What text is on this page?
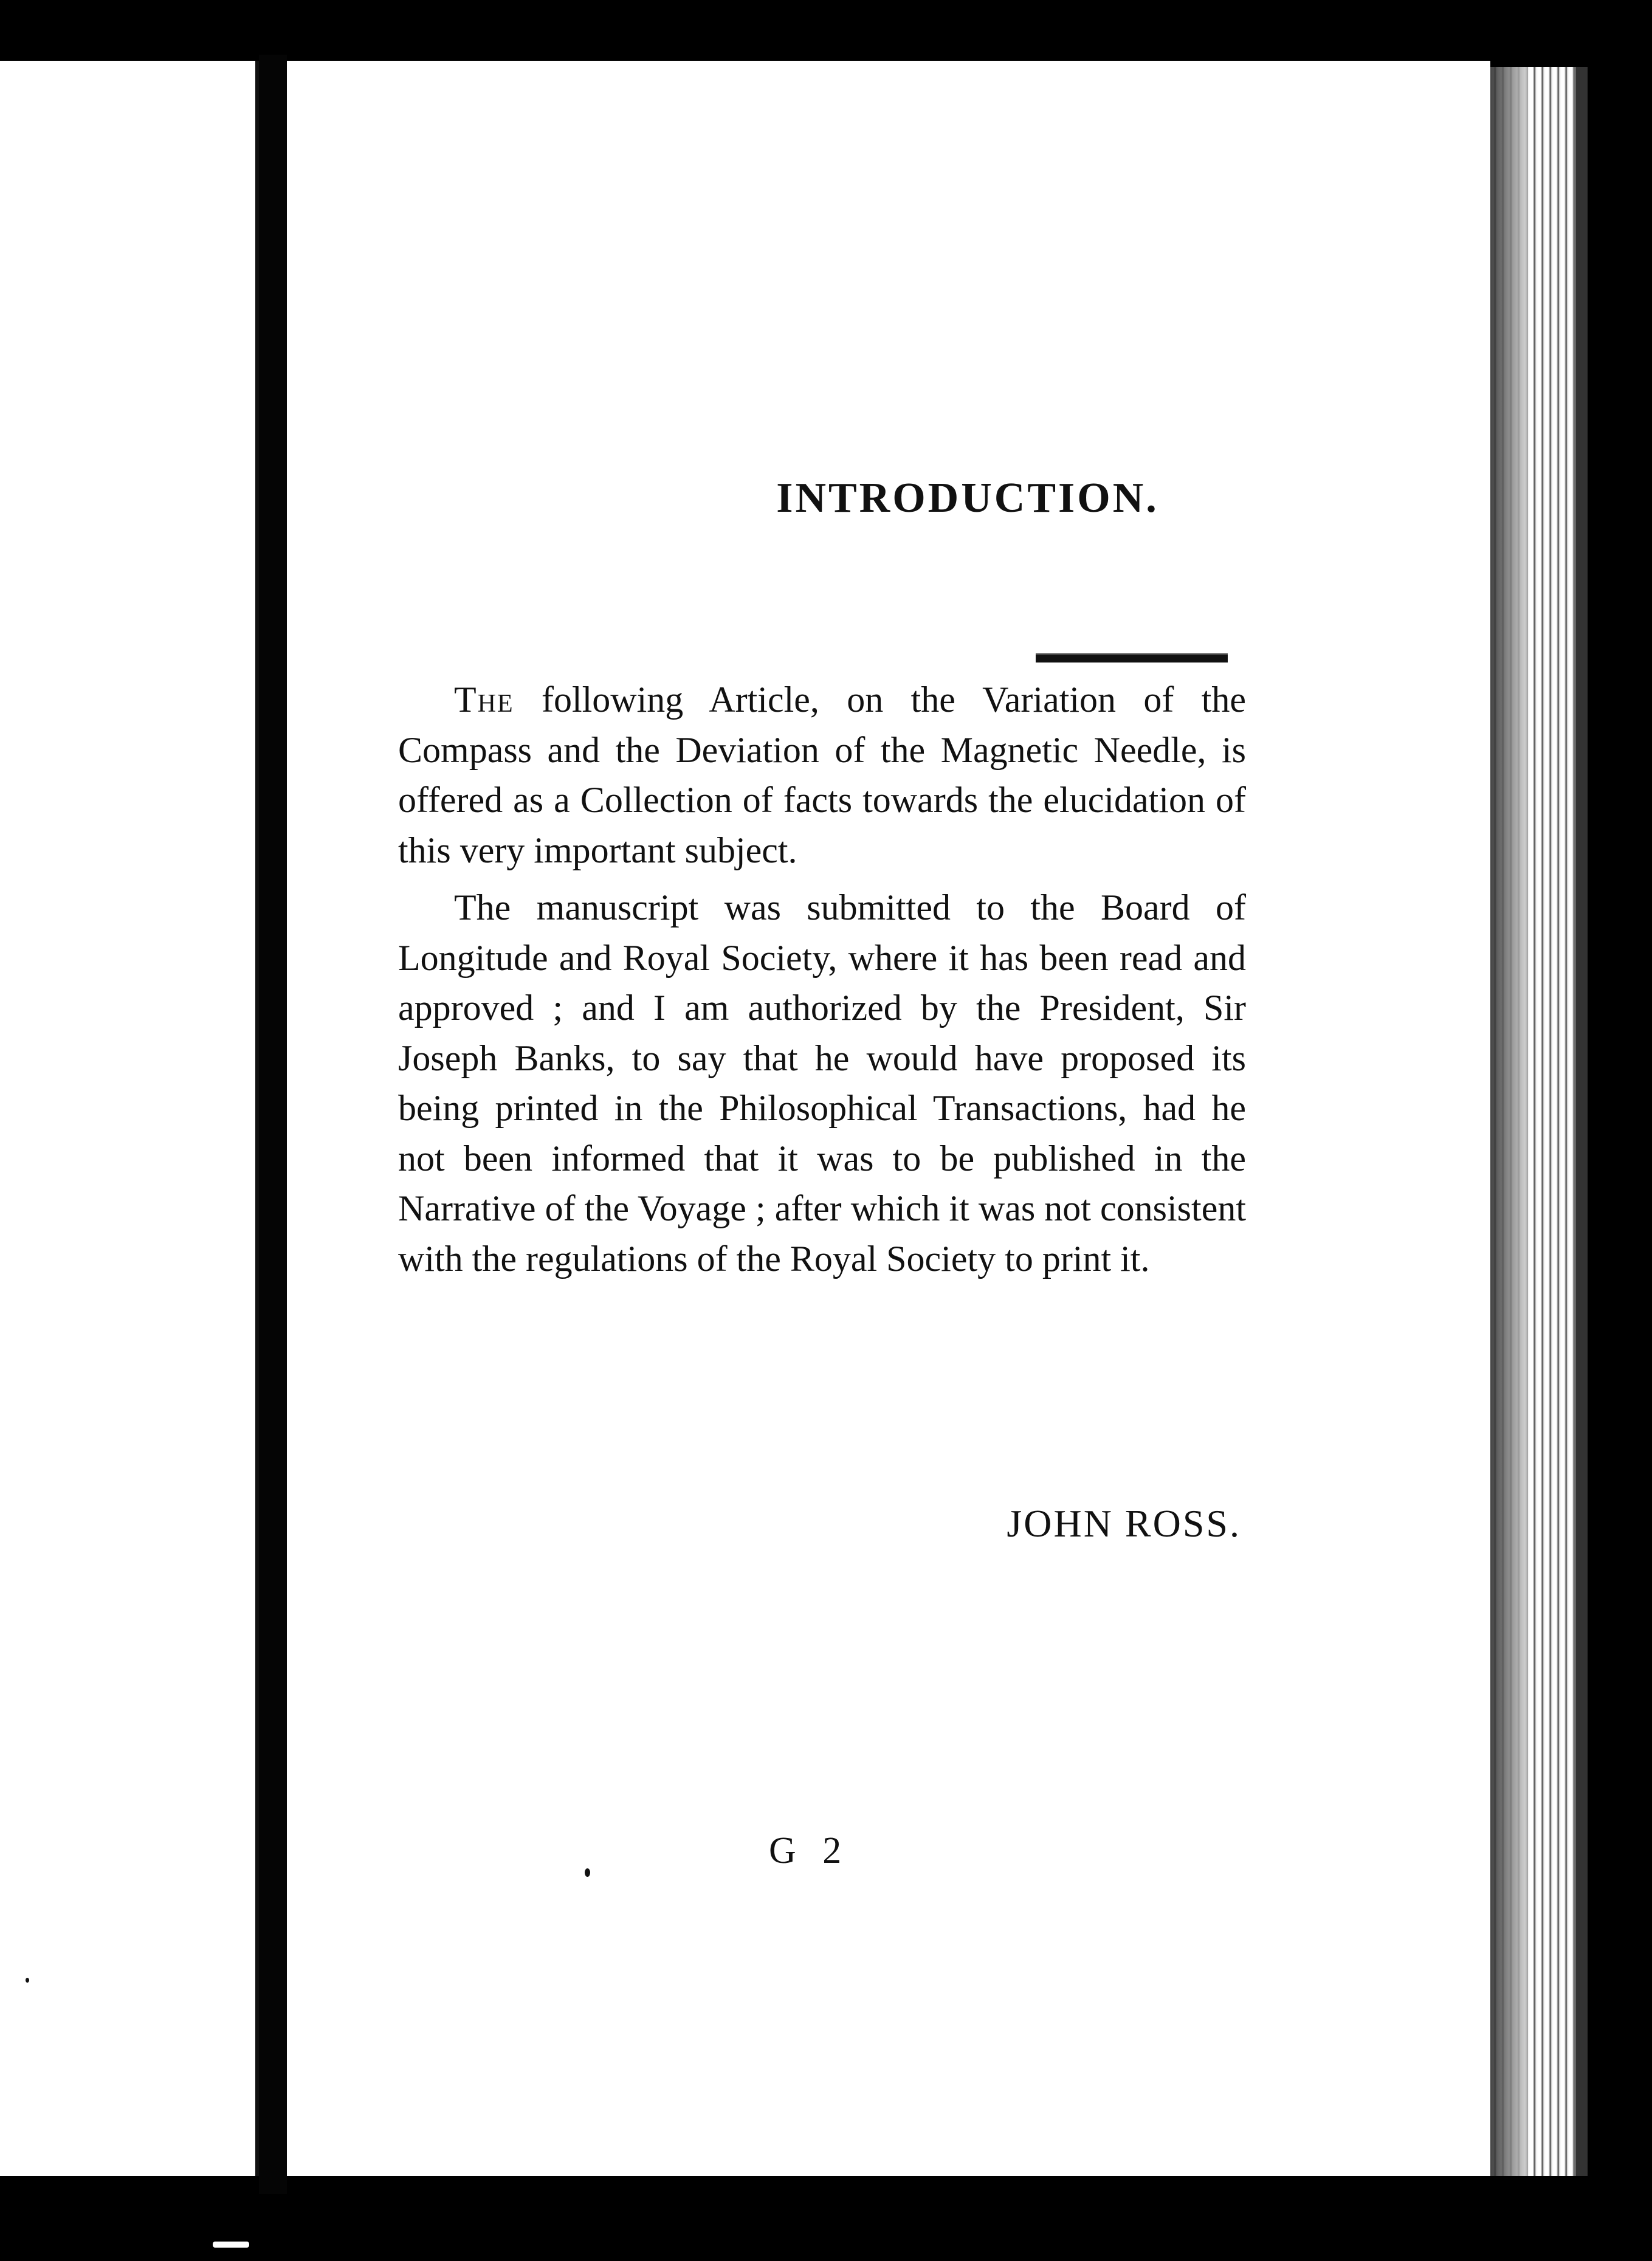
INTRODUCTION.

The following Article, on the Variation of the Compass and the Deviation of the Magnetic Needle, is offered as a Collection of facts towards the elucidation of this very important subject.

The manuscript was submitted to the Board of Longitude and Royal Society, where it has been read and approved ; and I am authorized by the President, Sir Joseph Banks, to say that he would have proposed its being printed in the Philosophical Transactions, had he not been informed that it was to be published in the Narrative of the Voyage ; after which it was not consistent with the regulations of the Royal Society to print it.

JOHN ROSS.
G 2
